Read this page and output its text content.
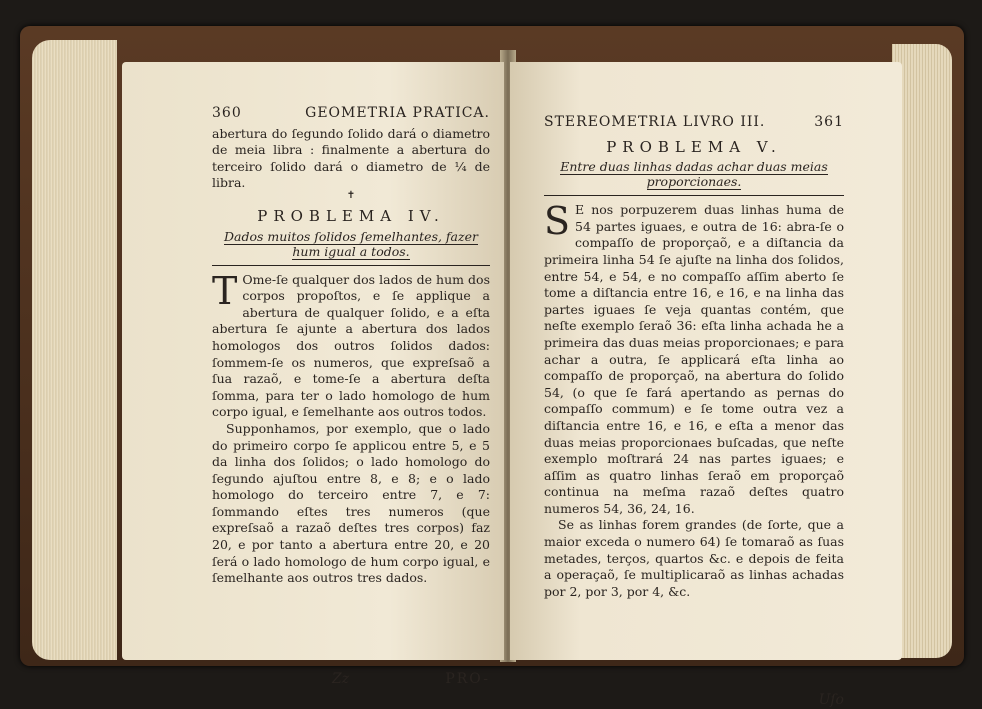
360	GEOMETRIA PRATICA.

abertura do ſegundo ſolido dará o diametro de meia libra : finalmente a abertura do terceiro ſolido dará o diametro de ¼ de libra.

✝
PROBLEMA IV.
Dados muitos ſolidos ſemelhantes, fazer hum igual a todos.

T Ome-ſe qualquer dos lados de hum dos corpos propoſtos, e ſe applique a abertura de qualquer ſolido, e a eſta abertura ſe ajunte a abertura dos lados homologos dos outros ſolidos dados: ſommem-ſe os numeros, que expreſsaõ a ſua razaõ, e tome-ſe a abertura deſta ſomma, para ter o lado homologo de hum corpo igual, e ſemelhante aos outros todos.

Supponhamos, por exemplo, que o lado do primeiro corpo ſe applicou entre 5, e 5 da linha dos ſolidos; o lado homologo do ſegundo ajuſtou entre 8, e 8; e o lado homologo do terceiro entre 7, e 7: ſommando eſtes tres numeros (que expreſsaõ a razaõ deſtes tres corpos) faz 20, e por tanto a abertura entre 20, e 20 ſerá o lado homologo de hum corpo igual, e ſemelhante aos outros tres dados.

Zz	PRO-
STEREOMETRIA LIVRO III.	361
PROBLEMA V.
Entre duas linhas dadas achar duas meias proporcionaes.

S E nos porpuzerem duas linhas huma de 54 partes iguaes, e outra de 16: abra-ſe o compaſſo de proporçaõ, e a diſtancia da primeira linha 54 ſe ajuſte na linha dos ſolidos, entre 54, e 54, e no compaſſo aſſim aberto ſe tome a diſtancia entre 16, e 16, e na linha das partes iguaes ſe veja quantas contém, que neſte exemplo ſeraõ 36: eſta linha achada he a primeira das duas meias proporcionaes; e para achar a outra, ſe applicará eſta linha ao compaſſo de proporçaõ, na abertura do ſolido 54, (o que ſe fará apertando as pernas do compaſſo commum) e ſe tome outra vez a diſtancia entre 16, e 16, e eſta a menor das duas meias proporcionaes buſcadas, que neſte exemplo moſtrará 24 nas partes iguaes; e aſſim as quatro linhas ſeraõ em proporçaõ continua na meſma razaõ deſtes quatro numeros 54, 36, 24, 16.

Se as linhas forem grandes (de ſorte, que a maior exceda o numero 64) ſe tomaraõ as ſuas metades, terços, quartos &c. e depois de feita a operaçaõ, ſe multiplicaraõ as linhas achadas por 2, por 3, por 4, &c.

Uſo
